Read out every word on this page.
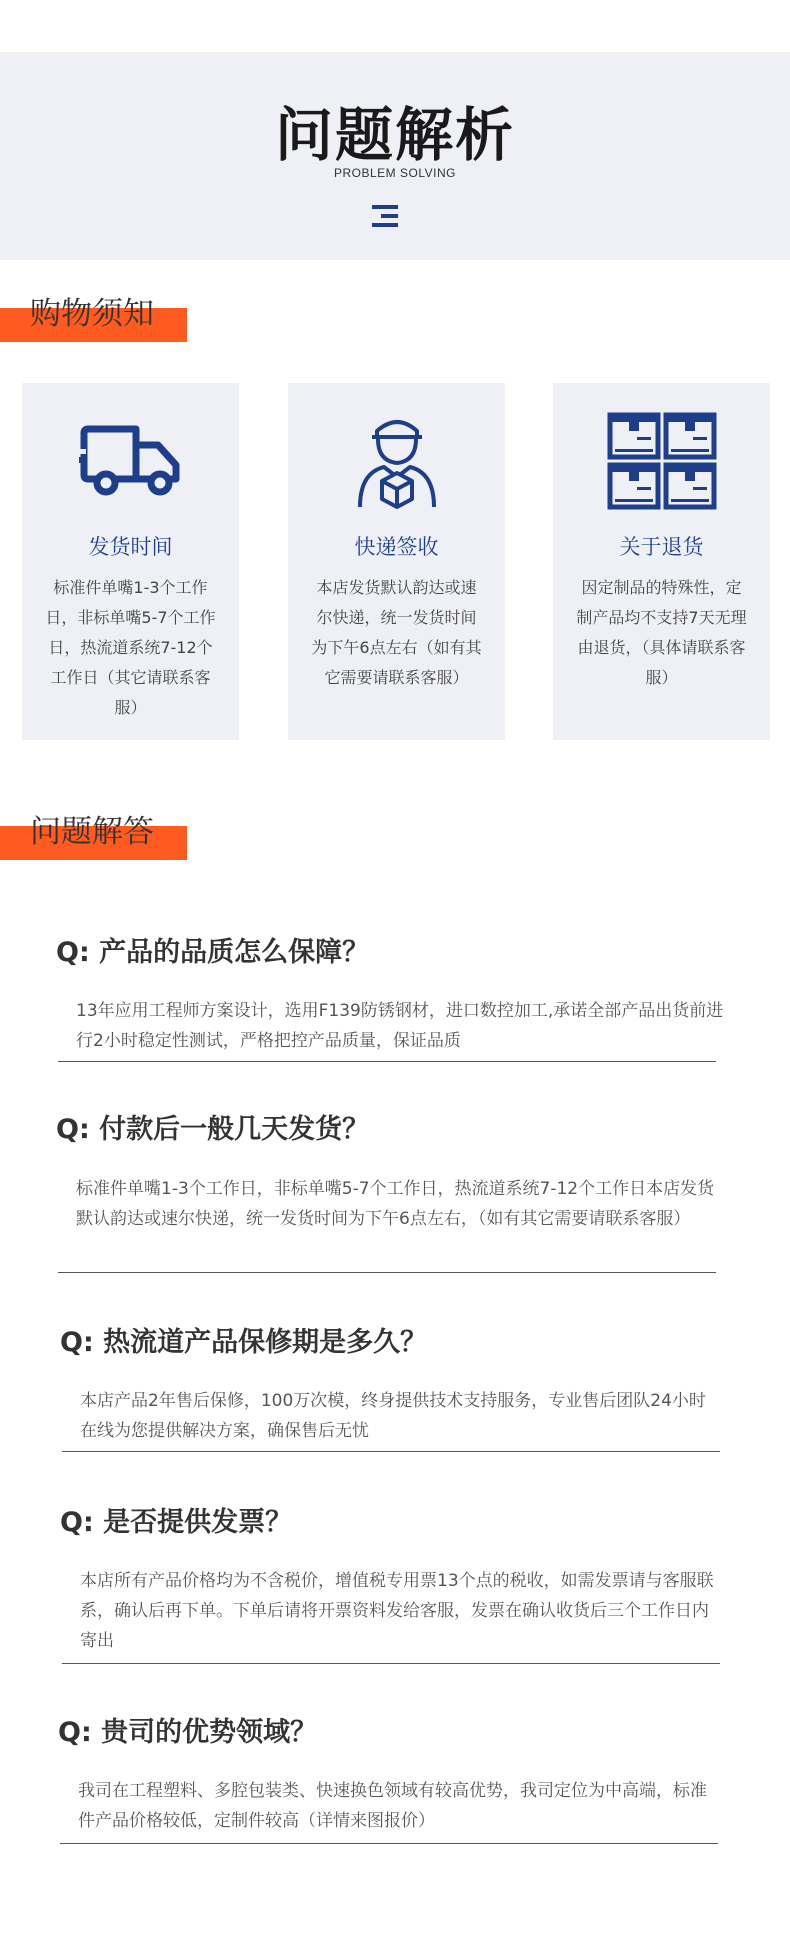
问题解析
PROBLEM SOLVING
购物须知
发货时间
标准件单嘴1-3个工作日，非标单嘴5-7个工作日，热流道系统7-12个工作日（其它请联系客服）
快递签收
本店发货默认韵达或速尔快递，统一发货时间为下午6点左右（如有其它需要请联系客服）
关于退货
因定制品的特殊性，定制产品均不支持7天无理由退货，（具体请联系客服）
问题解答
Q: 产品的品质怎么保障？
13年应用工程师方案设计，选用F139防锈钢材，进口数控加工,承诺全部产品出货前进行2小时稳定性测试，严格把控产品质量，保证品质
Q: 付款后一般几天发货？
标准件单嘴1-3个工作日，非标单嘴5-7个工作日，热流道系统7-12个工作日本店发货默认韵达或速尔快递，统一发货时间为下午6点左右，（如有其它需要请联系客服）
Q: 热流道产品保修期是多久？
本店产品2年售后保修，100万次模，终身提供技术支持服务，专业售后团队24小时在线为您提供解决方案，确保售后无忧
Q: 是否提供发票？
本店所有产品价格均为不含税价，增值税专用票13个点的税收，如需发票请与客服联系，确认后再下单。下单后请将开票资料发给客服，发票在确认收货后三个工作日内寄出
Q: 贵司的优势领域？
我司在工程塑料、多腔包装类、快速换色领域有较高优势，我司定位为中高端，标准件产品价格较低，定制件较高（详情来图报价）
